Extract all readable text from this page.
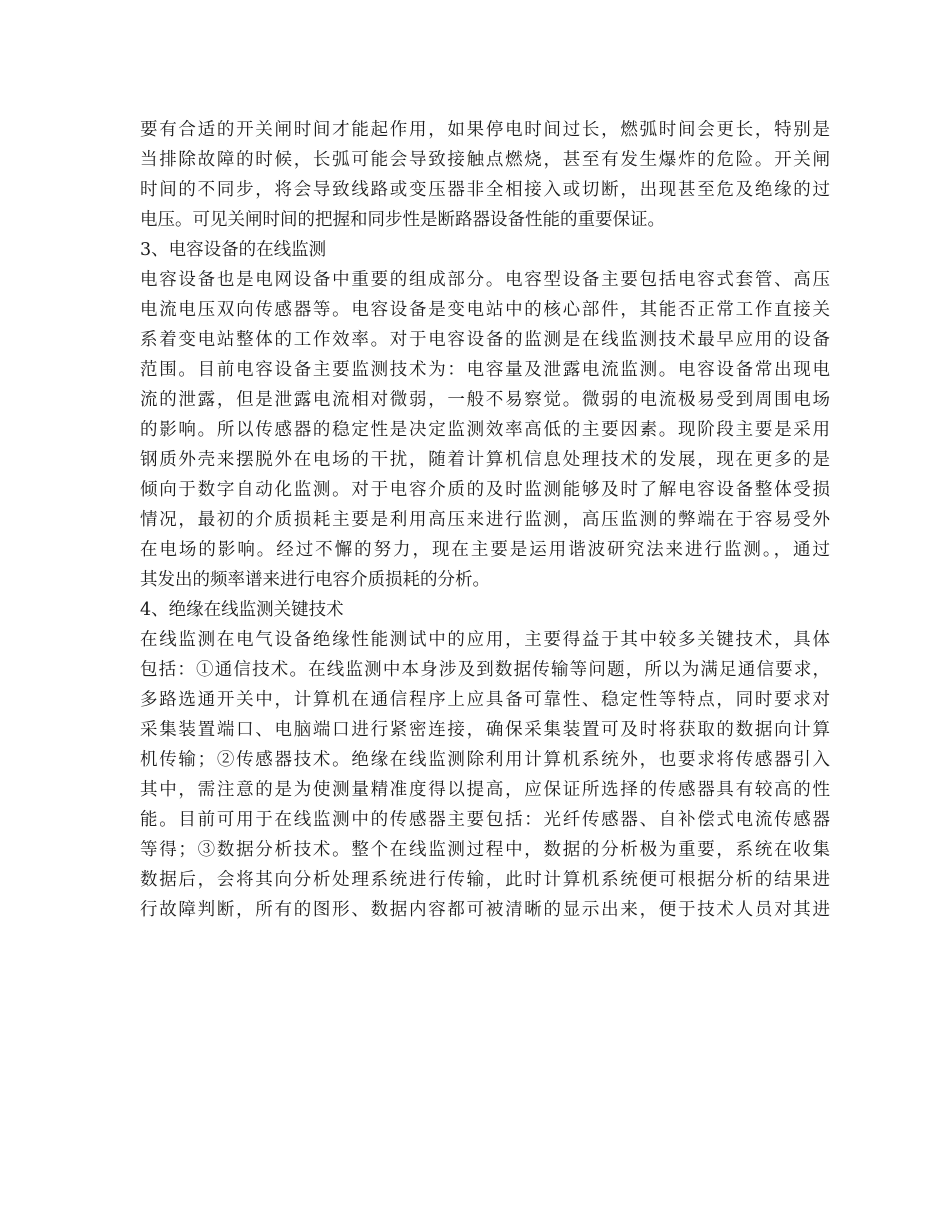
要有合适的开关闸时间才能起作用，如果停电时间过长，燃弧时间会更长，特别是
当排除故障的时候，长弧可能会导致接触点燃烧，甚至有发生爆炸的危险。开关闸
时间的不同步，将会导致线路或变压器非全相接入或切断，出现甚至危及绝缘的过
电压。可见关闸时间的把握和同步性是断路器设备性能的重要保证。
3、电容设备的在线监测
电容设备也是电网设备中重要的组成部分。电容型设备主要包括电容式套管、高压
电流电压双向传感器等。电容设备是变电站中的核心部件，其能否正常工作直接关
系着变电站整体的工作效率。对于电容设备的监测是在线监测技术最早应用的设备
范围。目前电容设备主要监测技术为：电容量及泄露电流监测。电容设备常出现电
流的泄露，但是泄露电流相对微弱，一般不易察觉。微弱的电流极易受到周围电场
的影响。所以传感器的稳定性是决定监测效率高低的主要因素。现阶段主要是采用
钢质外壳来摆脱外在电场的干扰，随着计算机信息处理技术的发展，现在更多的是
倾向于数字自动化监测。对于电容介质的及时监测能够及时了解电容设备整体受损
情况，最初的介质损耗主要是利用高压来进行监测，高压监测的弊端在于容易受外
在电场的影响。经过不懈的努力，现在主要是运用谐波研究法来进行监测。，通过
其发出的频率谱来进行电容介质损耗的分析。
4、绝缘在线监测关键技术
在线监测在电气设备绝缘性能测试中的应用，主要得益于其中较多关键技术，具体
包括：①通信技术。在线监测中本身涉及到数据传输等问题，所以为满足通信要求，
多路选通开关中，计算机在通信程序上应具备可靠性、稳定性等特点，同时要求对
采集装置端口、电脑端口进行紧密连接，确保采集装置可及时将获取的数据向计算
机传输；②传感器技术。绝缘在线监测除利用计算机系统外，也要求将传感器引入
其中，需注意的是为使测量精准度得以提高，应保证所选择的传感器具有较高的性
能。目前可用于在线监测中的传感器主要包括：光纤传感器、自补偿式电流传感器
等得；③数据分析技术。整个在线监测过程中，数据的分析极为重要，系统在收集
数据后，会将其向分析处理系统进行传输，此时计算机系统便可根据分析的结果进
行故障判断，所有的图形、数据内容都可被清晰的显示出来，便于技术人员对其进
